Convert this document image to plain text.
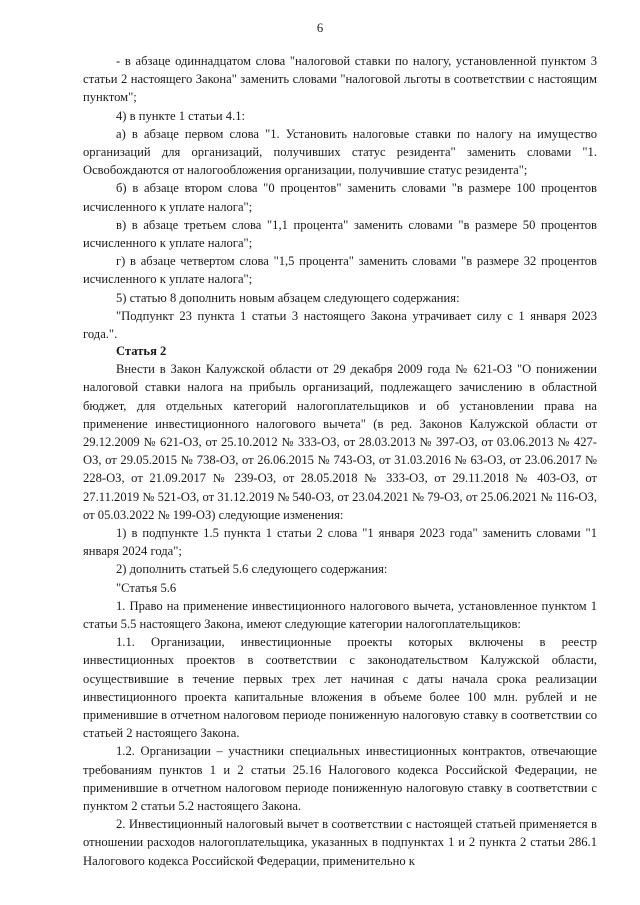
6

- в абзаце одиннадцатом слова "налоговой ставки по налогу, установленной пунктом 3 статьи 2 настоящего Закона" заменить словами "налоговой льготы в соответствии с настоящим пунктом";

4) в пункте 1 статьи 4.1:

а) в абзаце первом слова "1. Установить налоговые ставки по налогу на имущество организаций для организаций, получивших статус резидента" заменить словами "1. Освобождаются от налогообложения организации, получившие статус резидента";

б) в абзаце втором слова "0 процентов" заменить словами "в размере 100 процентов исчисленного к уплате налога";

в) в абзаце третьем слова "1,1 процента" заменить словами "в размере 50 процентов исчисленного к уплате налога";

г) в абзаце четвертом слова "1,5 процента" заменить словами "в размере 32 процентов исчисленного к уплате налога";

5) статью 8 дополнить новым абзацем следующего содержания:

"Подпункт 23 пункта 1 статьи 3 настоящего Закона утрачивает силу с 1 января 2023 года.".

Статья 2

Внести в Закон Калужской области от 29 декабря 2009 года № 621-ОЗ "О понижении налоговой ставки налога на прибыль организаций, подлежащего зачислению в областной бюджет, для отдельных категорий налогоплательщиков и об установлении права на применение инвестиционного налогового вычета" (в ред. Законов Калужской области от 29.12.2009 № 621-ОЗ, от 25.10.2012 № 333-ОЗ, от 28.03.2013 № 397-ОЗ, от 03.06.2013 № 427-ОЗ, от 29.05.2015 № 738-ОЗ, от 26.06.2015 № 743-ОЗ, от 31.03.2016 № 63-ОЗ, от 23.06.2017 № 228-ОЗ, от 21.09.2017 № 239-ОЗ, от 28.05.2018 № 333-ОЗ, от 29.11.2018 № 403-ОЗ, от 27.11.2019 № 521-ОЗ, от 31.12.2019 № 540-ОЗ, от 23.04.2021 № 79-ОЗ, от 25.06.2021 № 116-ОЗ, от 05.03.2022 № 199-ОЗ) следующие изменения:

1) в подпункте 1.5 пункта 1 статьи 2 слова "1 января 2023 года" заменить словами "1 января 2024 года";

2) дополнить статьей 5.6 следующего содержания:

"Статья 5.6

1. Право на применение инвестиционного налогового вычета, установленное пунктом 1 статьи 5.5 настоящего Закона, имеют следующие категории налогоплательщиков:

1.1. Организации, инвестиционные проекты которых включены в реестр инвестиционных проектов в соответствии с законодательством Калужской области, осуществившие в течение первых трех лет начиная с даты начала срока реализации инвестиционного проекта капитальные вложения в объеме более 100 млн. рублей и не применившие в отчетном налоговом периоде пониженную налоговую ставку в соответствии со статьей 2 настоящего Закона.

1.2. Организации – участники специальных инвестиционных контрактов, отвечающие требованиям пунктов 1 и 2 статьи 25.16 Налогового кодекса Российской Федерации, не применившие в отчетном налоговом периоде пониженную налоговую ставку в соответствии с пунктом 2 статьи 5.2 настоящего Закона.

2. Инвестиционный налоговый вычет в соответствии с настоящей статьей применяется в отношении расходов налогоплательщика, указанных в подпунктах 1 и 2 пункта 2 статьи 286.1 Налогового кодекса Российской Федерации, применительно к
